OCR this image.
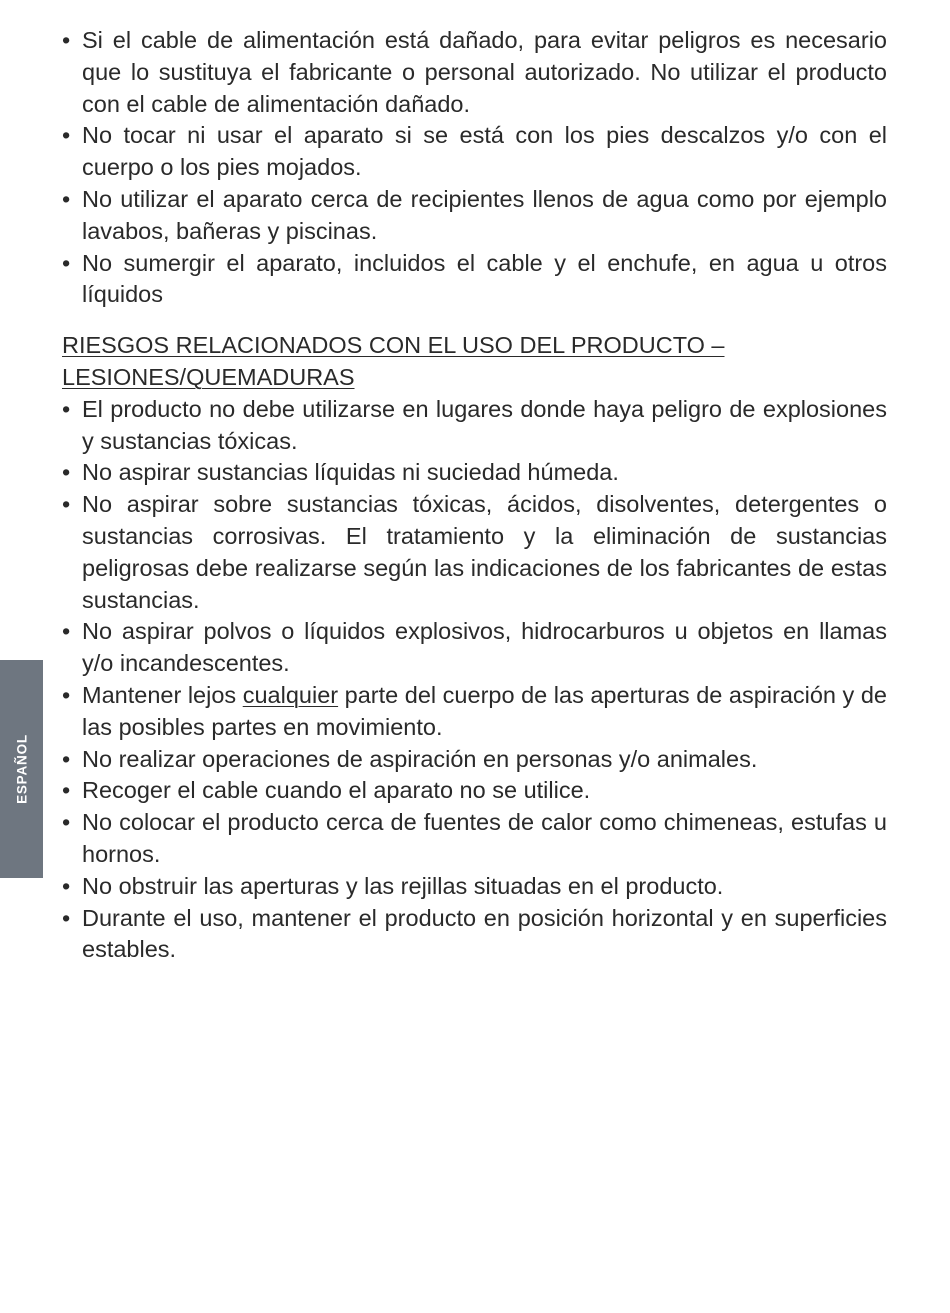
ESPAÑOL
• Si el cable de alimentación está dañado, para evitar peligros es necesario que lo sustituya el fabricante o personal autorizado. No utilizar el producto con el cable de alimentación dañado.
• No tocar ni usar el aparato si se está con los pies descalzos y/o con el cuerpo o los pies mojados.
• No utilizar el aparato cerca de recipientes llenos de agua como por ejemplo lavabos, bañeras y piscinas.
• No sumergir el aparato, incluidos el cable y el enchufe, en agua u otros líquidos
RIESGOS RELACIONADOS CON EL USO DEL PRODUCTO – LESIONES/QUEMADURAS
• El producto no debe utilizarse en lugares donde haya peligro de explosiones y sustancias tóxicas.
• No aspirar sustancias líquidas ni suciedad húmeda.
• No aspirar sobre sustancias tóxicas, ácidos, disolventes, detergentes o sustancias corrosivas. El tratamiento y la eliminación de sustancias peligrosas debe realizarse según las indicaciones de los fabricantes de estas sustancias.
• No aspirar polvos o líquidos explosivos, hidrocarburos u objetos en llamas y/o incandescentes.
• Mantener lejos cualquier parte del cuerpo de las aperturas de aspiración y de las posibles partes en movimiento.
• No realizar operaciones de aspiración en personas y/o animales.
• Recoger el cable cuando el aparato no se utilice.
• No colocar el producto cerca de fuentes de calor como chimeneas, estufas u hornos.
• No obstruir las aperturas y las rejillas situadas en el producto.
• Durante el uso, mantener el producto en posición horizontal y en superficies estables.
